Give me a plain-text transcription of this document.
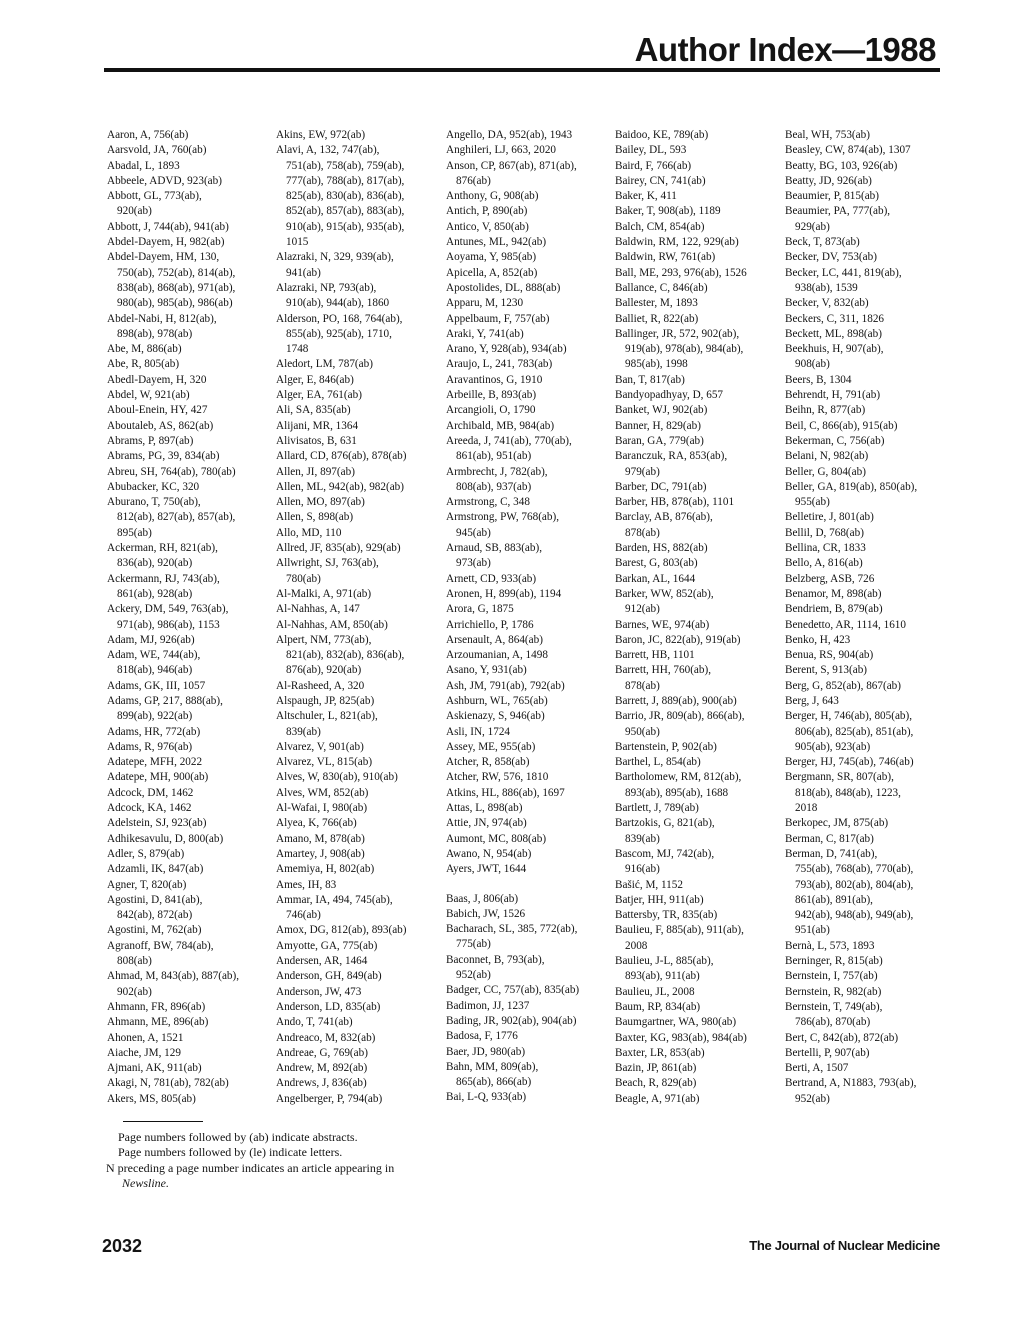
Author Index—1988
Aaron, A, 756(ab)
Aarsvold, JA, 760(ab)
Abadal, L, 1893
Abbeele, ADVD, 923(ab)
Abbott, GL, 773(ab),
920(ab)
Abbott, J, 744(ab), 941(ab)
Abdel-Dayem, H, 982(ab)
Abdel-Dayem, HM, 130,
750(ab), 752(ab), 814(ab),
838(ab), 868(ab), 971(ab),
980(ab), 985(ab), 986(ab)
Abdel-Nabi, H, 812(ab),
898(ab), 978(ab)
Abe, M, 886(ab)
Abe, R, 805(ab)
Abedl-Dayem, H, 320
Abdel, W, 921(ab)
Aboul-Enein, HY, 427
Aboutaleb, AS, 862(ab)
Abrams, P, 897(ab)
Abrams, PG, 39, 834(ab)
Abreu, SH, 764(ab), 780(ab)
Abubacker, KC, 320
Aburano, T, 750(ab),
812(ab), 827(ab), 857(ab),
895(ab)
Ackerman, RH, 821(ab),
836(ab), 920(ab)
Ackermann, RJ, 743(ab),
861(ab), 928(ab)
Ackery, DM, 549, 763(ab),
971(ab), 986(ab), 1153
Adam, MJ, 926(ab)
Adam, WE, 744(ab),
818(ab), 946(ab)
Adams, GK, III, 1057
Adams, GP, 217, 888(ab),
899(ab), 922(ab)
Adams, HR, 772(ab)
Adams, R, 976(ab)
Adatepe, MFH, 2022
Adatepe, MH, 900(ab)
Adcock, DM, 1462
Adcock, KA, 1462
Adelstein, SJ, 923(ab)
Adhikesavulu, D, 800(ab)
Adler, S, 879(ab)
Adzamli, IK, 847(ab)
Agner, T, 820(ab)
Agostini, D, 841(ab),
842(ab), 872(ab)
Agostini, M, 762(ab)
Agranoff, BW, 784(ab),
808(ab)
Ahmad, M, 843(ab), 887(ab),
902(ab)
Ahmann, FR, 896(ab)
Ahmann, ME, 896(ab)
Ahonen, A, 1521
Aiache, JM, 129
Ajmani, AK, 911(ab)
Akagi, N, 781(ab), 782(ab)
Akers, MS, 805(ab)
Akins, EW, 972(ab)
Alavi, A, 132, 747(ab),
751(ab), 758(ab), 759(ab),
777(ab), 788(ab), 817(ab),
825(ab), 830(ab), 836(ab),
852(ab), 857(ab), 883(ab),
910(ab), 915(ab), 935(ab),
1015
Alazraki, N, 329, 939(ab),
941(ab)
Alazraki, NP, 793(ab),
910(ab), 944(ab), 1860
Alderson, PO, 168, 764(ab),
855(ab), 925(ab), 1710,
1748
Aledort, LM, 787(ab)
Alger, E, 846(ab)
Alger, EA, 761(ab)
Ali, SA, 835(ab)
Alijani, MR, 1364
Alivisatos, B, 631
Allard, CD, 876(ab), 878(ab)
Allen, JI, 897(ab)
Allen, ML, 942(ab), 982(ab)
Allen, MO, 897(ab)
Allen, S, 898(ab)
Allo, MD, 110
Allred, JF, 835(ab), 929(ab)
Allwright, SJ, 763(ab),
780(ab)
Al-Malki, A, 971(ab)
Al-Nahhas, A, 147
Al-Nahhas, AM, 850(ab)
Alpert, NM, 773(ab),
821(ab), 832(ab), 836(ab),
876(ab), 920(ab)
Al-Rasheed, A, 320
Alspaugh, JP, 825(ab)
Altschuler, L, 821(ab),
839(ab)
Alvarez, V, 901(ab)
Alvarez, VL, 815(ab)
Alves, W, 830(ab), 910(ab)
Alves, WM, 852(ab)
Al-Wafai, I, 980(ab)
Alyea, K, 766(ab)
Amano, M, 878(ab)
Amartey, J, 908(ab)
Amemiya, H, 802(ab)
Ames, IH, 83
Ammar, IA, 494, 745(ab),
746(ab)
Amox, DG, 812(ab), 893(ab)
Amyotte, GA, 775(ab)
Andersen, AR, 1464
Anderson, GH, 849(ab)
Anderson, JW, 473
Anderson, LD, 835(ab)
Ando, T, 741(ab)
Andreaco, M, 832(ab)
Andreae, G, 769(ab)
Andrew, M, 892(ab)
Andrews, J, 836(ab)
Angelberger, P, 794(ab)
Angello, DA, 952(ab), 1943
Anghileri, LJ, 663, 2020
Anson, CP, 867(ab), 871(ab),
876(ab)
Anthony, G, 908(ab)
Antich, P, 890(ab)
Antico, V, 850(ab)
Antunes, ML, 942(ab)
Aoyama, Y, 985(ab)
Apicella, A, 852(ab)
Apostolides, DL, 888(ab)
Apparu, M, 1230
Appelbaum, F, 757(ab)
Araki, Y, 741(ab)
Arano, Y, 928(ab), 934(ab)
Araujo, L, 241, 783(ab)
Aravantinos, G, 1910
Arbeille, B, 893(ab)
Arcangioli, O, 1790
Archibald, MB, 984(ab)
Areeda, J, 741(ab), 770(ab),
861(ab), 951(ab)
Armbrecht, J, 782(ab),
808(ab), 937(ab)
Armstrong, C, 348
Armstrong, PW, 768(ab),
945(ab)
Arnaud, SB, 883(ab),
973(ab)
Arnett, CD, 933(ab)
Aronen, H, 899(ab), 1194
Arora, G, 1875
Arrichiello, P, 1786
Arsenault, A, 864(ab)
Arzoumanian, A, 1498
Asano, Y, 931(ab)
Ash, JM, 791(ab), 792(ab)
Ashburn, WL, 765(ab)
Askienazy, S, 946(ab)
Asli, IN, 1724
Assey, ME, 955(ab)
Atcher, R, 858(ab)
Atcher, RW, 576, 1810
Atkins, HL, 886(ab), 1697
Attas, L, 898(ab)
Attie, JN, 974(ab)
Aumont, MC, 808(ab)
Awano, N, 954(ab)
Ayers, JWT, 1644
Baas, J, 806(ab)
Babich, JW, 1526
Bacharach, SL, 385, 772(ab),
775(ab)
Baconnet, B, 793(ab),
952(ab)
Badger, CC, 757(ab), 835(ab)
Badimon, JJ, 1237
Bading, JR, 902(ab), 904(ab)
Badosa, F, 1776
Baer, JD, 980(ab)
Bahn, MM, 809(ab),
865(ab), 866(ab)
Bai, L-Q, 933(ab)
Baidoo, KE, 789(ab)
Bailey, DL, 593
Baird, F, 766(ab)
Bairey, CN, 741(ab)
Baker, K, 411
Baker, T, 908(ab), 1189
Balch, CM, 854(ab)
Baldwin, RM, 122, 929(ab)
Baldwin, RW, 761(ab)
Ball, ME, 293, 976(ab), 1526
Ballance, C, 846(ab)
Ballester, M, 1893
Balliet, R, 822(ab)
Ballinger, JR, 572, 902(ab),
919(ab), 978(ab), 984(ab),
985(ab), 1998
Ban, T, 817(ab)
Bandyopadhyay, D, 657
Banket, WJ, 902(ab)
Banner, H, 829(ab)
Baran, GA, 779(ab)
Baranczuk, RA, 853(ab),
979(ab)
Barber, DC, 791(ab)
Barber, HB, 878(ab), 1101
Barclay, AB, 876(ab),
878(ab)
Barden, HS, 882(ab)
Barest, G, 803(ab)
Barkan, AL, 1644
Barker, WW, 852(ab),
912(ab)
Barnes, WE, 974(ab)
Baron, JC, 822(ab), 919(ab)
Barrett, HB, 1101
Barrett, HH, 760(ab),
878(ab)
Barrett, J, 889(ab), 900(ab)
Barrio, JR, 809(ab), 866(ab),
950(ab)
Bartenstein, P, 902(ab)
Barthel, L, 854(ab)
Bartholomew, RM, 812(ab),
893(ab), 895(ab), 1688
Bartlett, J, 789(ab)
Bartzokis, G, 821(ab),
839(ab)
Bascom, MJ, 742(ab),
916(ab)
Bašić, M, 1152
Batjer, HH, 911(ab)
Battersby, TR, 835(ab)
Baulieu, F, 885(ab), 911(ab),
2008
Baulieu, J-L, 885(ab),
893(ab), 911(ab)
Baulieu, JL, 2008
Baum, RP, 834(ab)
Baumgartner, WA, 980(ab)
Baxter, KG, 983(ab), 984(ab)
Baxter, LR, 853(ab)
Bazin, JP, 861(ab)
Beach, R, 829(ab)
Beagle, A, 971(ab)
Beal, WH, 753(ab)
Beasley, CW, 874(ab), 1307
Beatty, BG, 103, 926(ab)
Beatty, JD, 926(ab)
Beaumier, P, 815(ab)
Beaumier, PA, 777(ab),
929(ab)
Beck, T, 873(ab)
Becker, DV, 753(ab)
Becker, LC, 441, 819(ab),
938(ab), 1539
Becker, V, 832(ab)
Beckers, C, 311, 1826
Beckett, ML, 898(ab)
Beekhuis, H, 907(ab),
908(ab)
Beers, B, 1304
Behrendt, H, 791(ab)
Beihn, R, 877(ab)
Beil, C, 866(ab), 915(ab)
Bekerman, C, 756(ab)
Belani, N, 982(ab)
Beller, G, 804(ab)
Beller, GA, 819(ab), 850(ab),
955(ab)
Belletire, J, 801(ab)
Bellil, D, 768(ab)
Bellina, CR, 1833
Bello, A, 816(ab)
Belzberg, ASB, 726
Benamor, M, 898(ab)
Bendriem, B, 879(ab)
Benedetto, AR, 1114, 1610
Benko, H, 423
Benua, RS, 904(ab)
Berent, S, 913(ab)
Berg, G, 852(ab), 867(ab)
Berg, J, 643
Berger, H, 746(ab), 805(ab),
806(ab), 825(ab), 851(ab),
905(ab), 923(ab)
Berger, HJ, 745(ab), 746(ab)
Bergmann, SR, 807(ab),
818(ab), 848(ab), 1223,
2018
Berkopec, JM, 875(ab)
Berman, C, 817(ab)
Berman, D, 741(ab),
755(ab), 768(ab), 770(ab),
793(ab), 802(ab), 804(ab),
861(ab), 891(ab),
942(ab), 948(ab), 949(ab),
951(ab)
Bernà, L, 573, 1893
Berninger, R, 815(ab)
Bernstein, I, 757(ab)
Bernstein, R, 982(ab)
Bernstein, T, 749(ab),
786(ab), 870(ab)
Bert, C, 842(ab), 872(ab)
Bertelli, P, 907(ab)
Berti, A, 1507
Bertrand, A, N1883, 793(ab),
952(ab)
Page numbers followed by (ab) indicate abstracts.
Page numbers followed by (le) indicate letters.
N preceding a page number indicates an article appearing in
Newsline.
2032	The Journal of Nuclear Medicine
